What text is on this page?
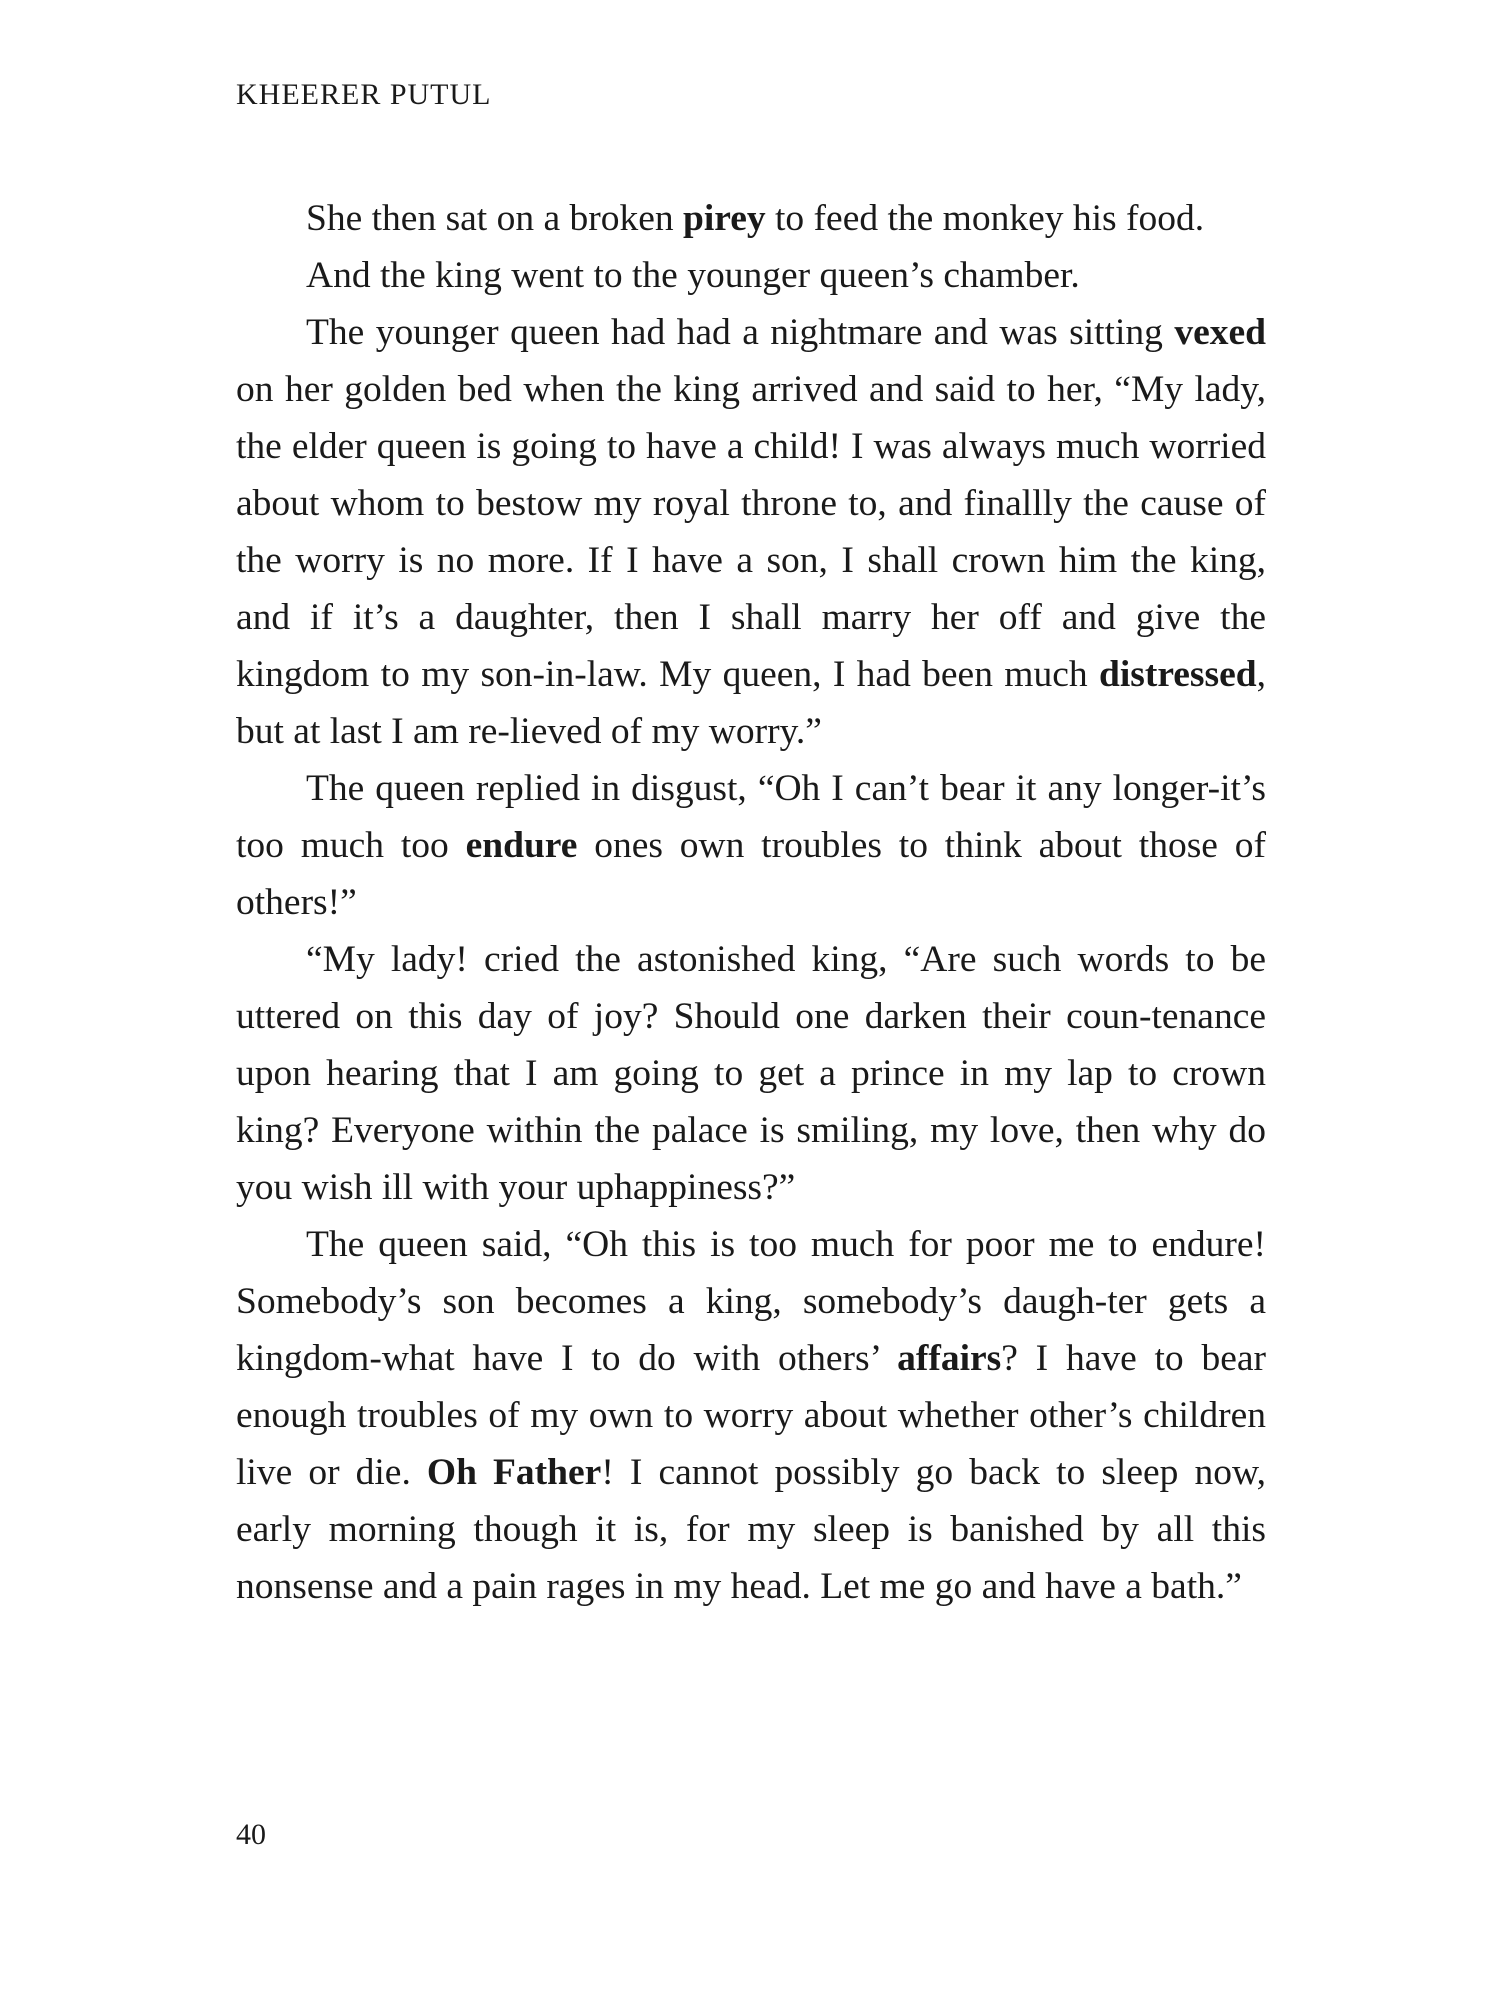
KHEERER PUTUL

She then sat on a broken pirey to feed the monkey his food.

And the king went to the younger queen’s chamber.

The younger queen had had a nightmare and was sitting vexed on her golden bed when the king arrived and said to her, “My lady, the elder queen is going to have a child! I was always much worried about whom to bestow my royal throne to, and finallly the cause of the worry is no more. If I have a son, I shall crown him the king, and if it’s a daughter, then I shall marry her off and give the kingdom to my son-in-law. My queen, I had been much distressed, but at last I am re-lieved of my worry.”

The queen replied in disgust, “Oh I can’t bear it any longer-it’s too much too endure ones own troubles to think about those of others!”

“My lady! cried the astonished king, “Are such words to be uttered on this day of joy? Should one darken their coun-tenance upon hearing that I am going to get a prince in my lap to crown king? Everyone within the palace is smiling, my love, then why do you wish ill with your uphappiness?”

The queen said, “Oh this is too much for poor me to endure! Somebody’s son becomes a king, somebody’s daugh-ter gets a kingdom-what have I to do with others’ affairs? I have to bear enough troubles of my own to worry about whether other’s children live or die. Oh Father! I cannot possibly go back to sleep now, early morning though it is, for my sleep is banished by all this nonsense and a pain rages in my head. Let me go and have a bath.”

40
